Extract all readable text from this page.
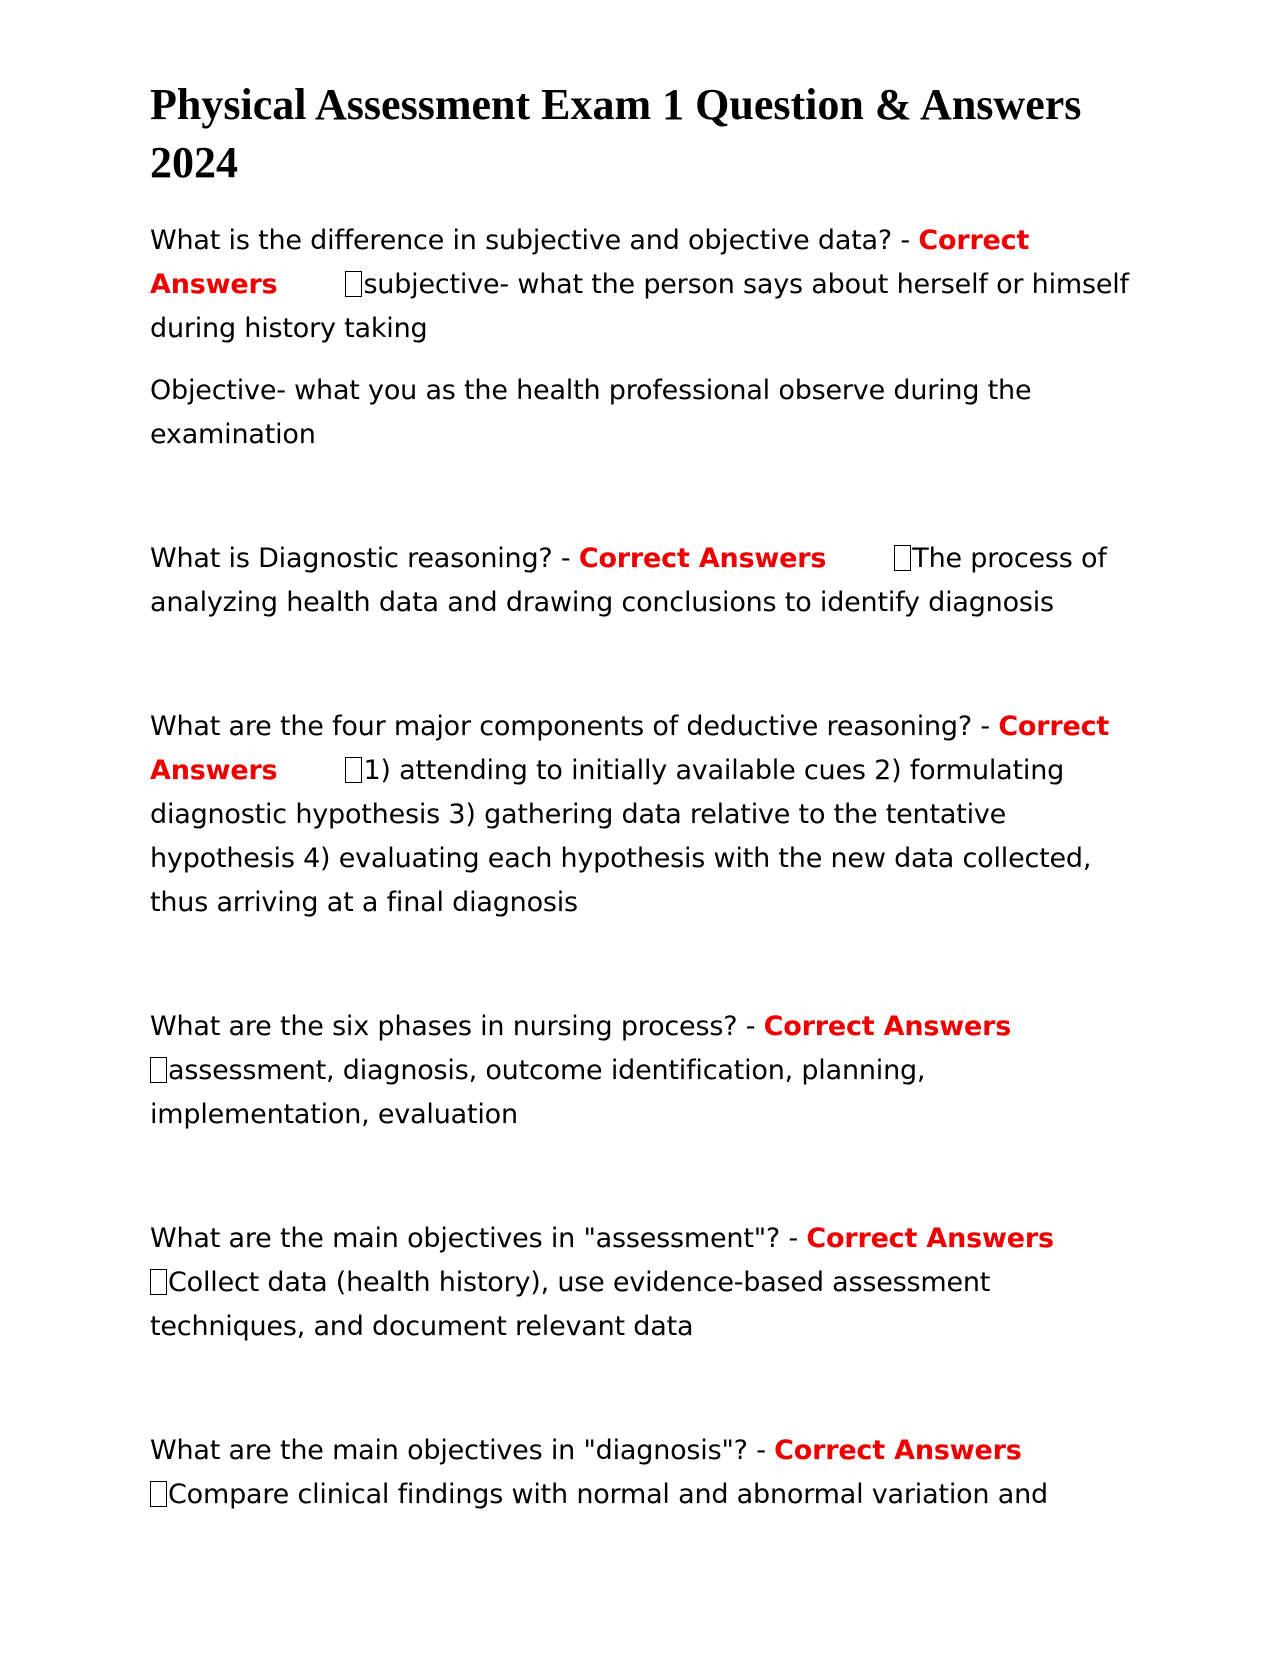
Physical Assessment Exam 1 Question & Answers 2024

What is the difference in subjective and objective data? - Correct Answers	subjective- what the person says about herself or himself during history taking

Objective- what you as the health professional observe during the examination

What is Diagnostic reasoning? - Correct Answers	The process of analyzing health data and drawing conclusions to identify diagnosis

What are the four major components of deductive reasoning? - Correct Answers	1) attending to initially available cues 2) formulating diagnostic hypothesis 3) gathering data relative to the tentative hypothesis 4) evaluating each hypothesis with the new data collected, thus arriving at a final diagnosis

What are the six phases in nursing process? - Correct Answers
assessment, diagnosis, outcome identification, planning, implementation, evaluation

What are the main objectives in "assessment"? - Correct Answers
Collect data (health history), use evidence-based assessment techniques, and document relevant data

What are the main objectives in "diagnosis"? - Correct Answers
Compare clinical findings with normal and abnormal variation and
